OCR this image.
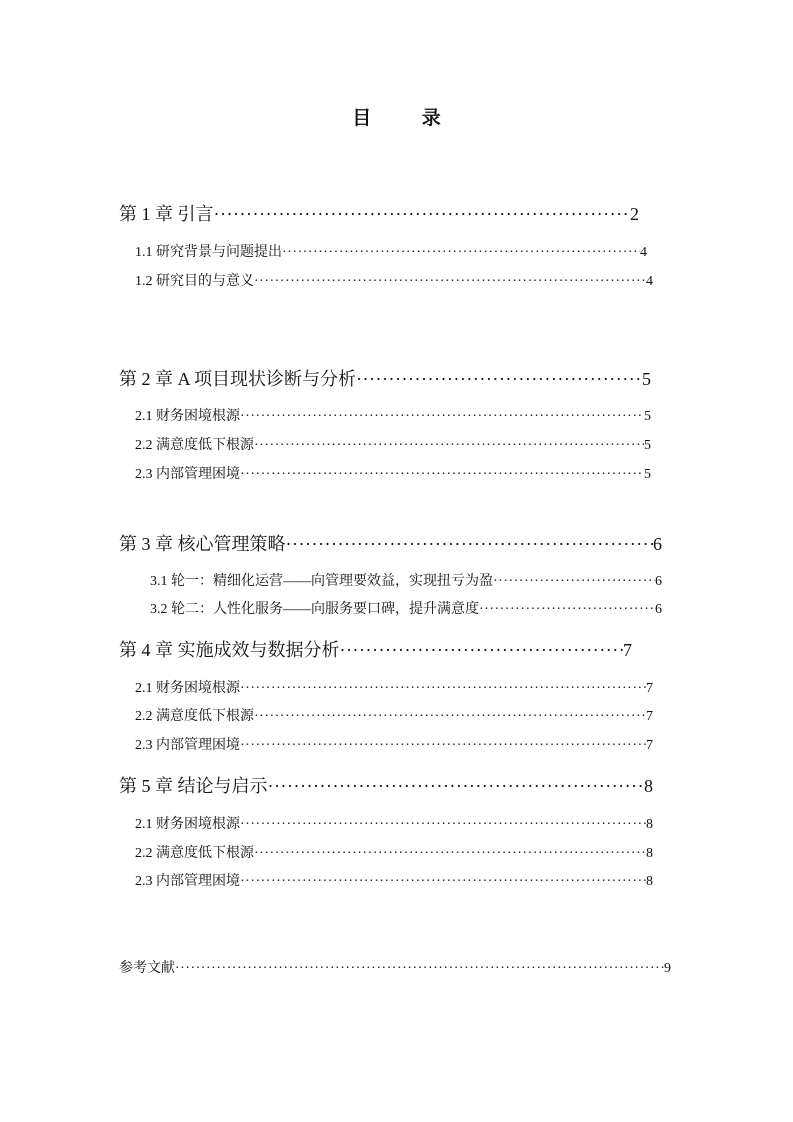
目 录
第 1 章 引言 ·····	2
1.1 研究背景与问题提出 ·····	4
1.2 研究目的与意义 ·····	4
第 2 章 A 项目现状诊断与分析 ·····	5
2.1 财务困境根源 ·····	5
2.2 满意度低下根源 ·····	5
2.3 内部管理困境 ·····	5
第 3 章 核心管理策略 ·····	6
3.1 轮一：精细化运营——向管理要效益，实现扭亏为盈 ·····	6
3.2 轮二：人性化服务——向服务要口碑，提升满意度 ·····	6
第 4 章 实施成效与数据分析 ·····	7
2.1 财务困境根源 ·····	7
2.2 满意度低下根源 ·····	7
2.3 内部管理困境 ·····	7
第 5 章 结论与启示 ·····	8
2.1 财务困境根源 ·····	8
2.2 满意度低下根源 ·····	8
2.3 内部管理困境 ·····	8
参考文献 ·····	9
